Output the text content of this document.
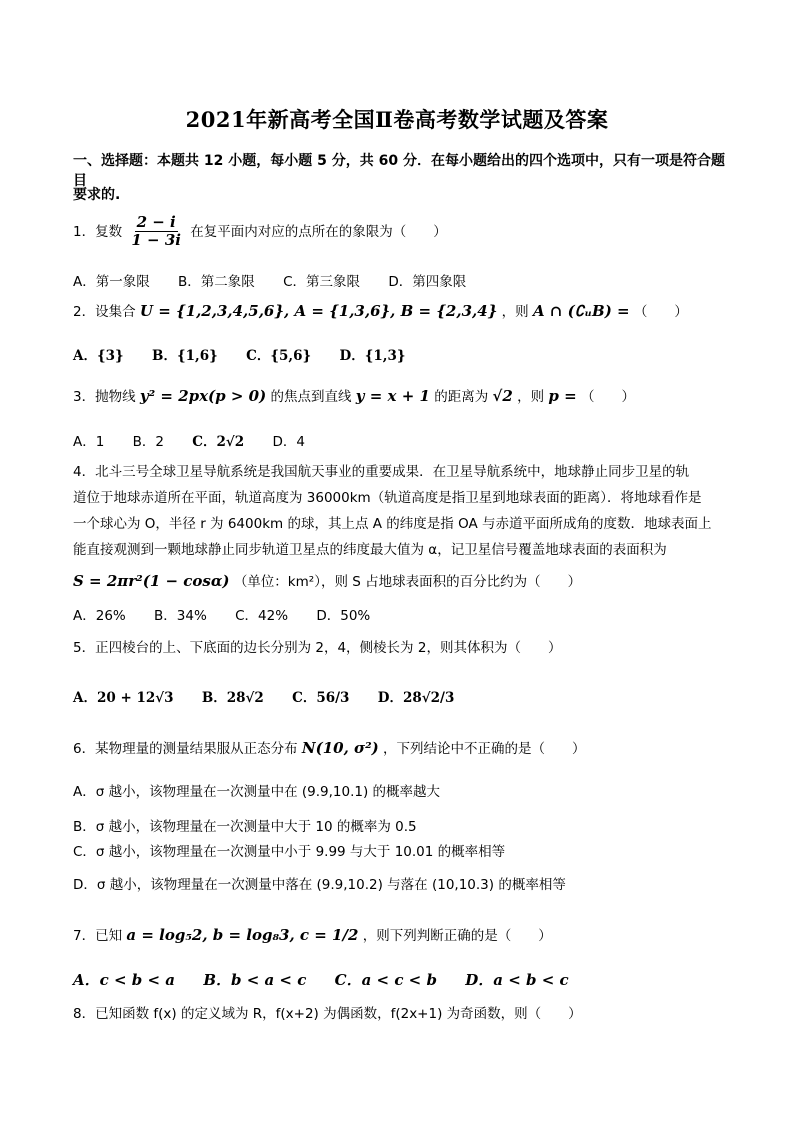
2021年新高考全国Ⅱ卷高考数学试题及答案
一、选择题：本题共 12 小题，每小题 5 分，共 60 分．在每小题给出的四个选项中，只有一项是符合题目
要求的.
1．复数 $\frac{2 - i}{1 - 3i}$ 在复平面内对应的点所在的象限为（　　）
A．第一象限 B．第二象限 C．第三象限 D．第四象限
2．设集合 U = {1,2,3,4,5,6}, A = {1,3,6}, B = {2,3,4} ，则 A ∩ (∁ᵤB) = （　　）
A．{3} B．{1,6} C．{5,6} D．{1,3}
3．抛物线 y² = 2px(p > 0) 的焦点到直线 y = x + 1 的距离为 √2 ，则 p = （　　）
A．1 B．2 C．2√2 D．4
4．北斗三号全球卫星导航系统是我国航天事业的重要成果．在卫星导航系统中，地球静止同步卫星的轨
道位于地球赤道所在平面，轨道高度为 36000km（轨道高度是指卫星到地球表面的距离）．将地球看作是
一个球心为 O，半径 r 为 6400km 的球，其上点 A 的纬度是指 OA 与赤道平面所成角的度数．地球表面上
能直接观测到一颗地球静止同步轨道卫星点的纬度最大值为 α，记卫星信号覆盖地球表面的表面积为
S = 2πr²(1 − cosα) （单位：km²），则 S 占地球表面积的百分比约为（　　）
A．26% B．34% C．42% D．50%
5．正四棱台的上、下底面的边长分别为 2，4，侧棱长为 2，则其体积为（　　）
A．20 + 12√3 B．28√2 C．56/3 D．28√2/3
6．某物理量的测量结果服从正态分布 N(10, σ²) ，下列结论中不正确的是（　　）
A．σ 越小，该物理量在一次测量中在 (9.9,10.1) 的概率越大
B．σ 越小，该物理量在一次测量中大于 10 的概率为 0.5
C．σ 越小，该物理量在一次测量中小于 9.99 与大于 10.01 的概率相等
D．σ 越小，该物理量在一次测量中落在 (9.9,10.2) 与落在 (10,10.3) 的概率相等
7．已知 a = log₅2, b = log₈3, c = 1/2 ，则下列判断正确的是（　　）
A．c < b < a B．b < a < c C．a < c < b D．a < b < c
8．已知函数 f(x) 的定义域为 R，f(x+2) 为偶函数，f(2x+1) 为奇函数，则（　　）
